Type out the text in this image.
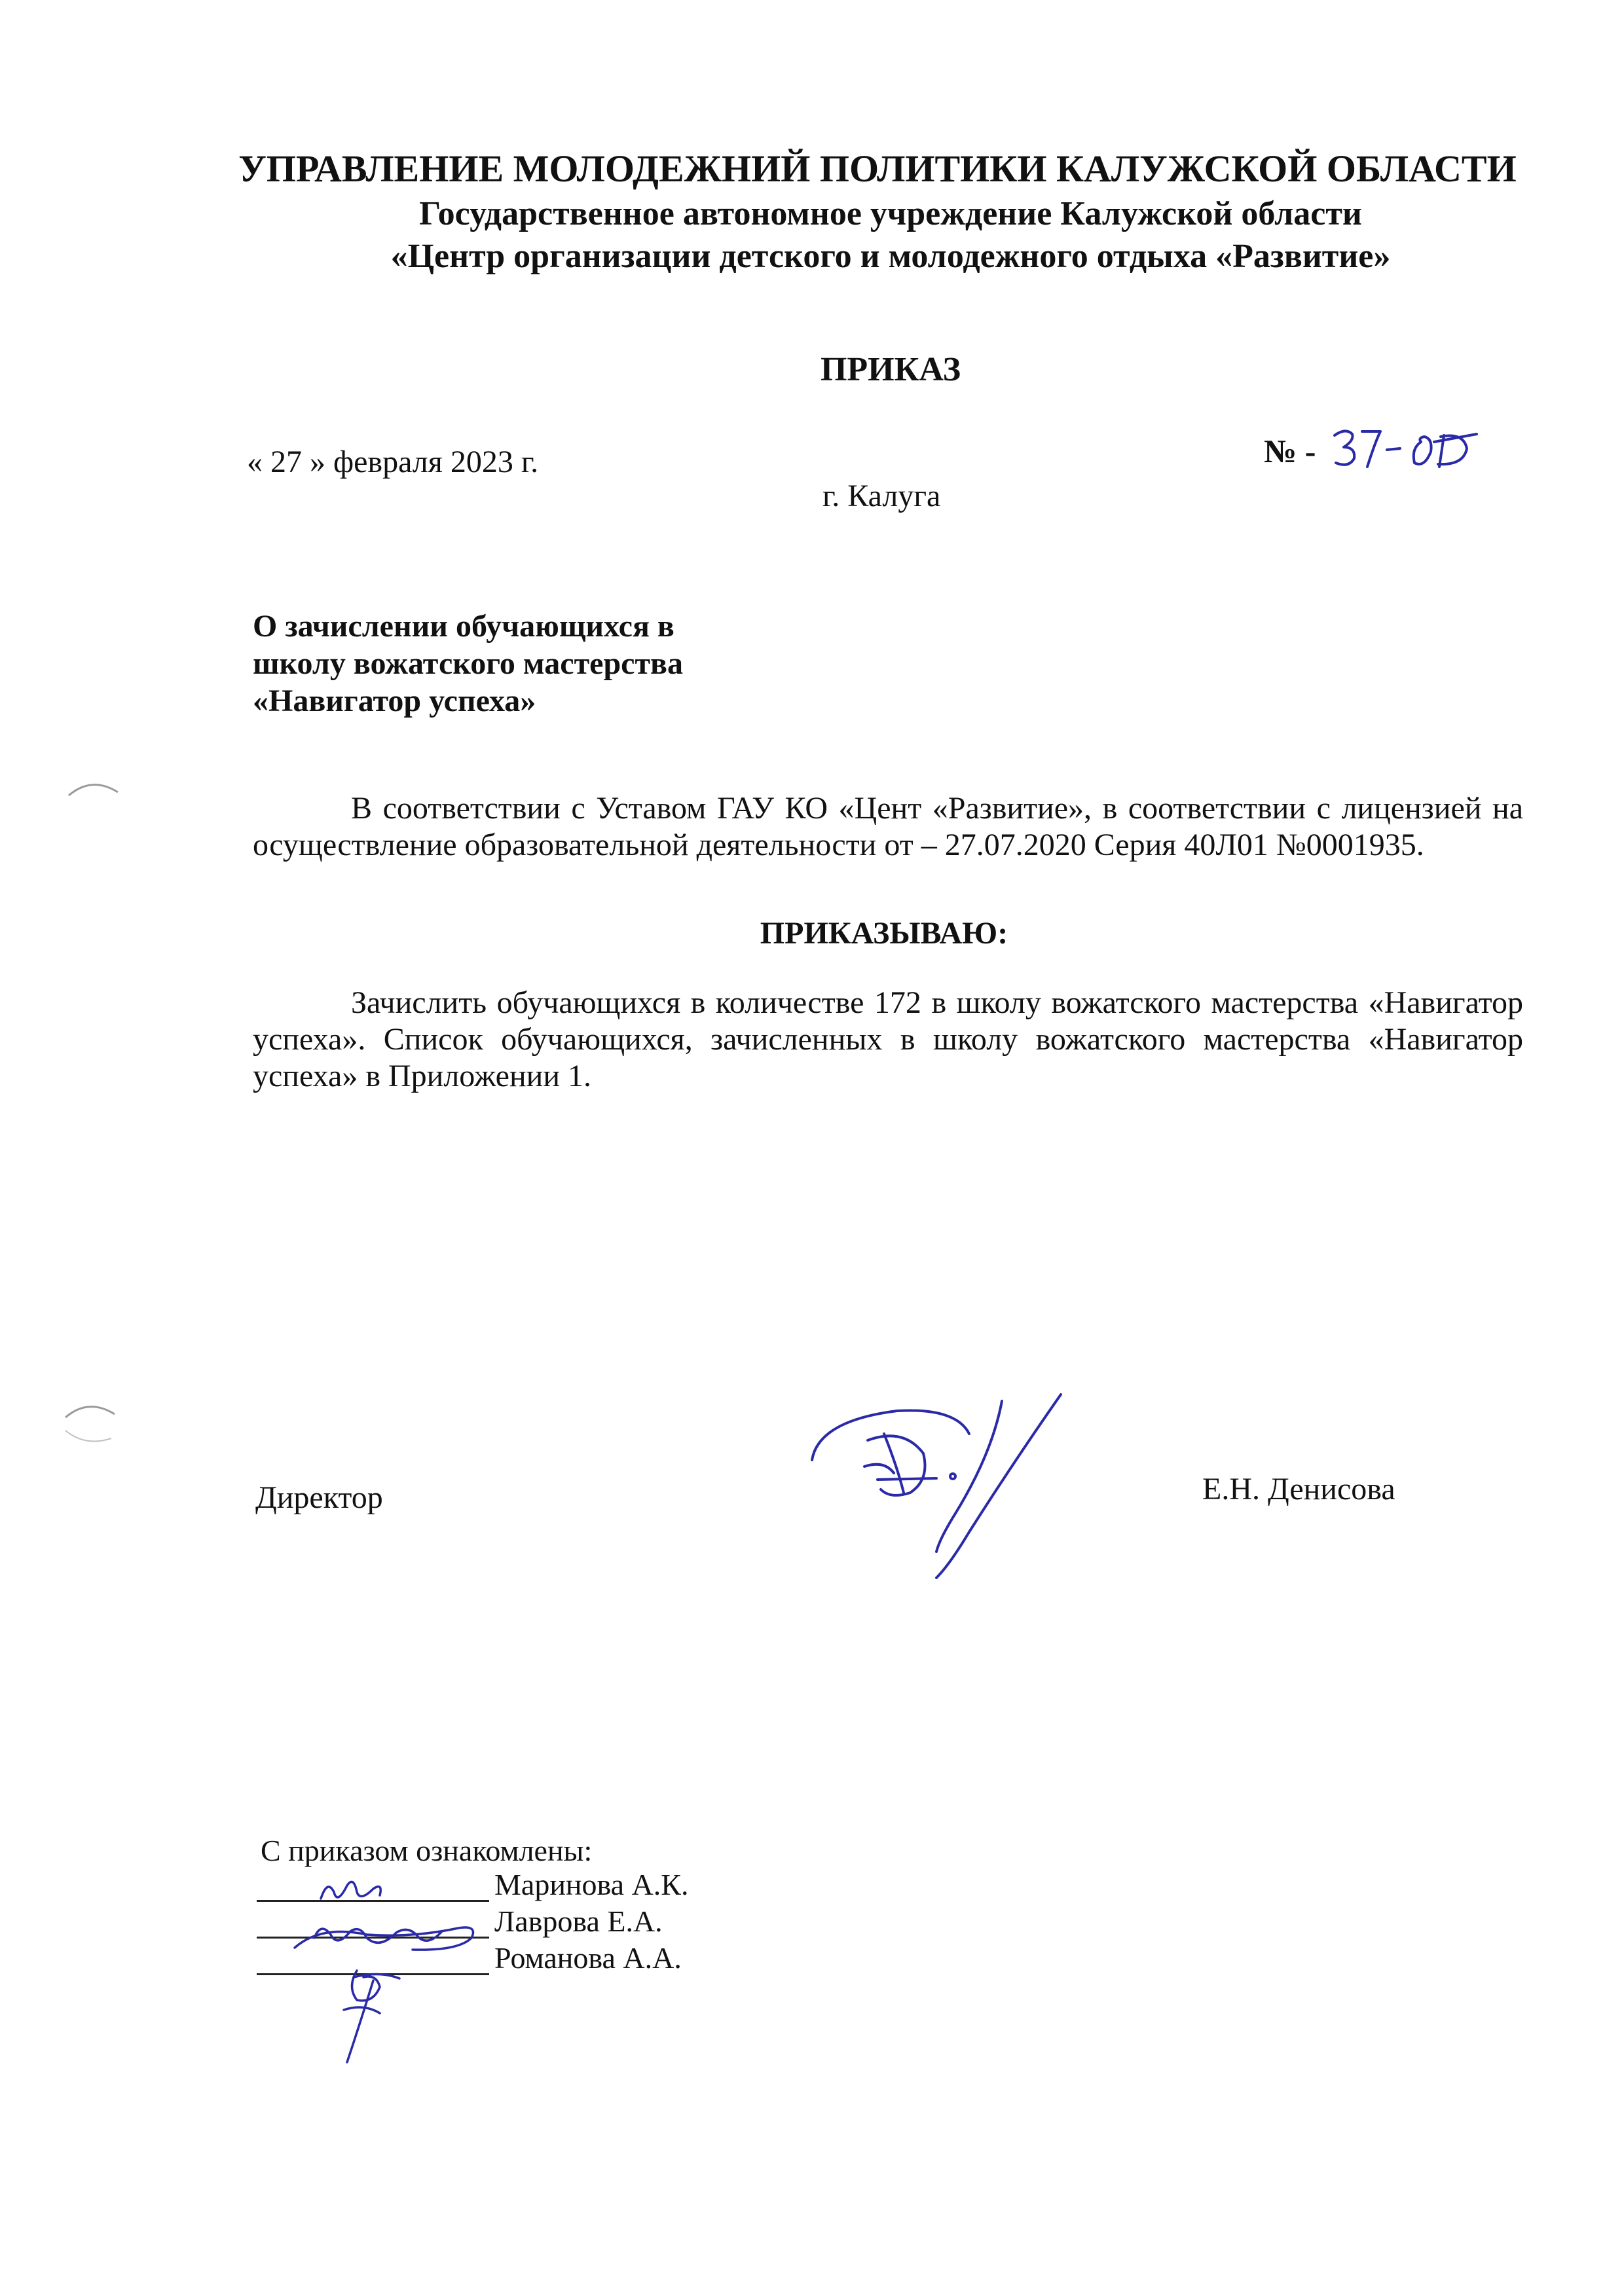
УПРАВЛЕНИЕ МОЛОДЕЖНИЙ ПОЛИТИКИ КАЛУЖСКОЙ ОБЛАСТИ
Государственное автономное учреждение Калужской области
«Центр организации детского и молодежного отдыха «Развитие»
ПРИКАЗ
« 27 » февраля 2023 г.	№ -
г. Калуга
О зачислении обучающихся в
школу вожатского мастерства
«Навигатор успеха»
В соответствии с Уставом ГАУ КО «Цент «Развитие», в соответствии с лицензией на осуществление образовательной деятельности от – 27.07.2020 Серия 40Л01 №0001935.
ПРИКАЗЫВАЮ:
Зачислить обучающихся в количестве 172 в школу вожатского мастерства «Навигатор успеха». Список обучающихся, зачисленных в школу вожатского мастерства «Навигатор успеха» в Приложении 1.
Директор	Е.Н. Денисова
С приказом ознакомлены:
Маринова А.К.
Лаврова Е.А.
Романова А.А.
